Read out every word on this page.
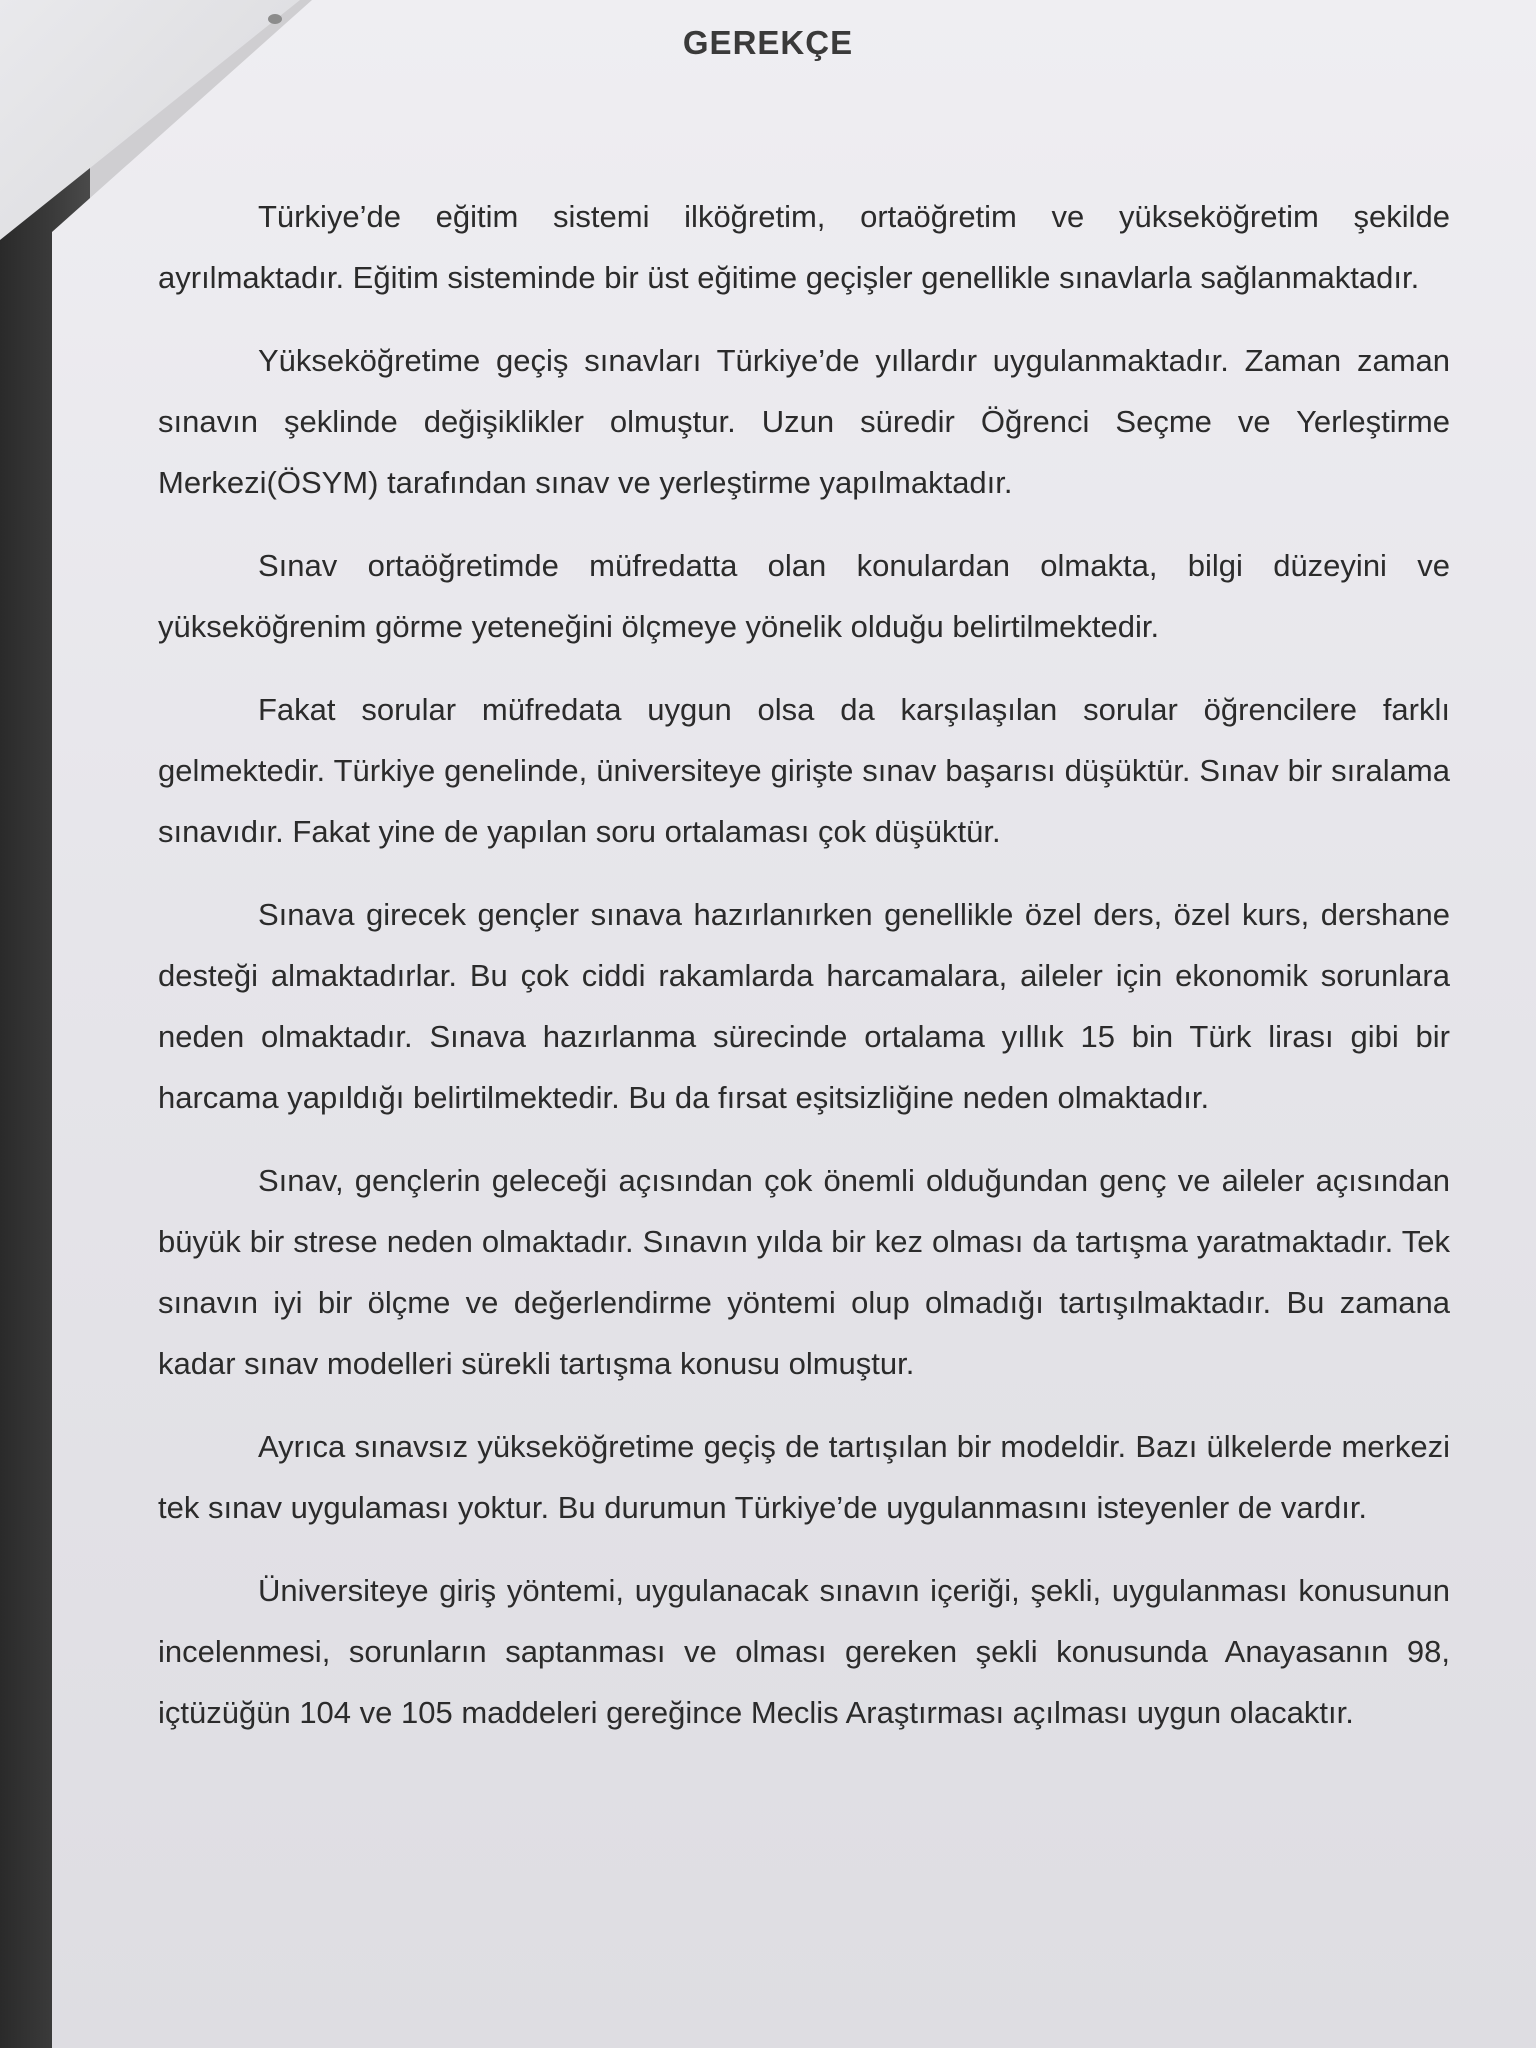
GEREKÇE

Türkiye’de eğitim sistemi ilköğretim, ortaöğretim ve yükseköğretim şekilde ayrılmaktadır. Eğitim sisteminde bir üst eğitime geçişler genellikle sınavlarla sağlanmaktadır.

Yükseköğretime geçiş sınavları Türkiye’de yıllardır uygulanmaktadır. Zaman zaman sınavın şeklinde değişiklikler olmuştur. Uzun süredir Öğrenci Seçme ve Yerleştirme Merkezi(ÖSYM) tarafından sınav ve yerleştirme yapılmaktadır.

Sınav ortaöğretimde müfredatta olan konulardan olmakta, bilgi düzeyini ve yükseköğrenim görme yeteneğini ölçmeye yönelik olduğu belirtilmektedir.

Fakat sorular müfredata uygun olsa da karşılaşılan sorular öğrencilere farklı gelmektedir. Türkiye genelinde, üniversiteye girişte sınav başarısı düşüktür. Sınav bir sıralama sınavıdır. Fakat yine de yapılan soru ortalaması çok düşüktür.

Sınava girecek gençler sınava hazırlanırken genellikle özel ders, özel kurs, dershane desteği almaktadırlar. Bu çok ciddi rakamlarda harcamalara, aileler için ekonomik sorunlara neden olmaktadır. Sınava hazırlanma sürecinde ortalama yıllık 15 bin Türk lirası gibi bir harcama yapıldığı belirtilmektedir. Bu da fırsat eşitsizliğine neden olmaktadır.

Sınav, gençlerin geleceği açısından çok önemli olduğundan genç ve aileler açısından büyük bir strese neden olmaktadır. Sınavın yılda bir kez olması da tartışma yaratmaktadır. Tek sınavın iyi bir ölçme ve değerlendirme yöntemi olup olmadığı tartışılmaktadır. Bu zamana kadar sınav modelleri sürekli tartışma konusu olmuştur.

Ayrıca sınavsız yükseköğretime geçiş de tartışılan bir modeldir. Bazı ülkelerde merkezi tek sınav uygulaması yoktur. Bu durumun Türkiye’de uygulanmasını isteyenler de vardır.

Üniversiteye giriş yöntemi, uygulanacak sınavın içeriği, şekli, uygulanması konusunun incelenmesi, sorunların saptanması ve olması gereken şekli konusunda Anayasanın 98, içtüzüğün 104 ve 105 maddeleri gereğince Meclis Araştırması açılması uygun olacaktır.
